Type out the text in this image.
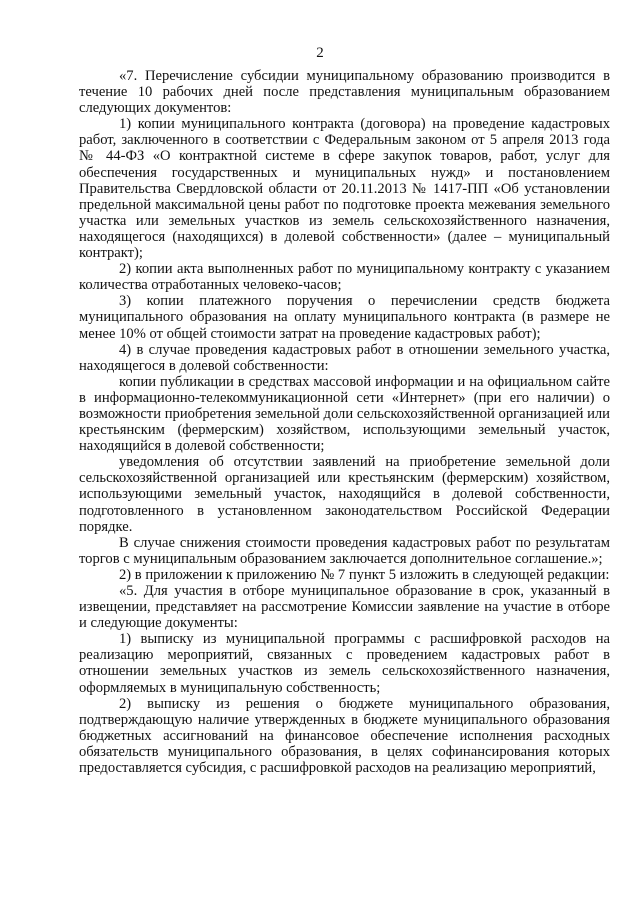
2

«7. Перечисление субсидии муниципальному образованию производится в течение 10 рабочих дней после представления муниципальным образованием следующих документов:

1) копии муниципального контракта (договора) на проведение кадастровых работ, заключенного в соответствии с Федеральным законом от 5 апреля 2013 года № 44-ФЗ «О контрактной системе в сфере закупок товаров, работ, услуг для обеспечения государственных и муниципальных нужд» и постановлением Правительства Свердловской области от 20.11.2013 № 1417-ПП «Об установлении предельной максимальной цены работ по подготовке проекта межевания земельного участка или земельных участков из земель сельскохозяйственного назначения, находящегося (находящихся) в долевой собственности» (далее – муниципальный контракт);

2) копии акта выполненных работ по муниципальному контракту с указанием количества отработанных человеко-часов;

3) копии платежного поручения о перечислении средств бюджета муниципального образования на оплату муниципального контракта (в размере не менее 10% от общей стоимости затрат на проведение кадастровых работ);

4) в случае проведения кадастровых работ в отношении земельного участка, находящегося в долевой собственности:

копии публикации в средствах массовой информации и на официальном сайте в информационно-телекоммуникационной сети «Интернет» (при его наличии) о возможности приобретения земельной доли сельскохозяйственной организацией или крестьянским (фермерским) хозяйством, использующими земельный участок, находящийся в долевой собственности;

уведомления об отсутствии заявлений на приобретение земельной доли сельскохозяйственной организацией или крестьянским (фермерским) хозяйством, использующими земельный участок, находящийся в долевой собственности, подготовленного в установленном законодательством Российской Федерации порядке.

В случае снижения стоимости проведения кадастровых работ по результатам торгов с муниципальным образованием заключается дополнительное соглашение.»;

2) в приложении к приложению № 7 пункт 5 изложить в следующей редакции:

«5. Для участия в отборе муниципальное образование в срок, указанный в извещении, представляет на рассмотрение Комиссии заявление на участие в отборе и следующие документы:

1) выписку из муниципальной программы с расшифровкой расходов на реализацию мероприятий, связанных с проведением кадастровых работ в отношении земельных участков из земель сельскохозяйственного назначения, оформляемых в муниципальную собственность;

2) выписку из решения о бюджете муниципального образования, подтверждающую наличие утвержденных в бюджете муниципального образования бюджетных ассигнований на финансовое обеспечение исполнения расходных обязательств муниципального образования, в целях софинансирования которых предоставляется субсидия, с расшифровкой расходов на реализацию мероприятий,
